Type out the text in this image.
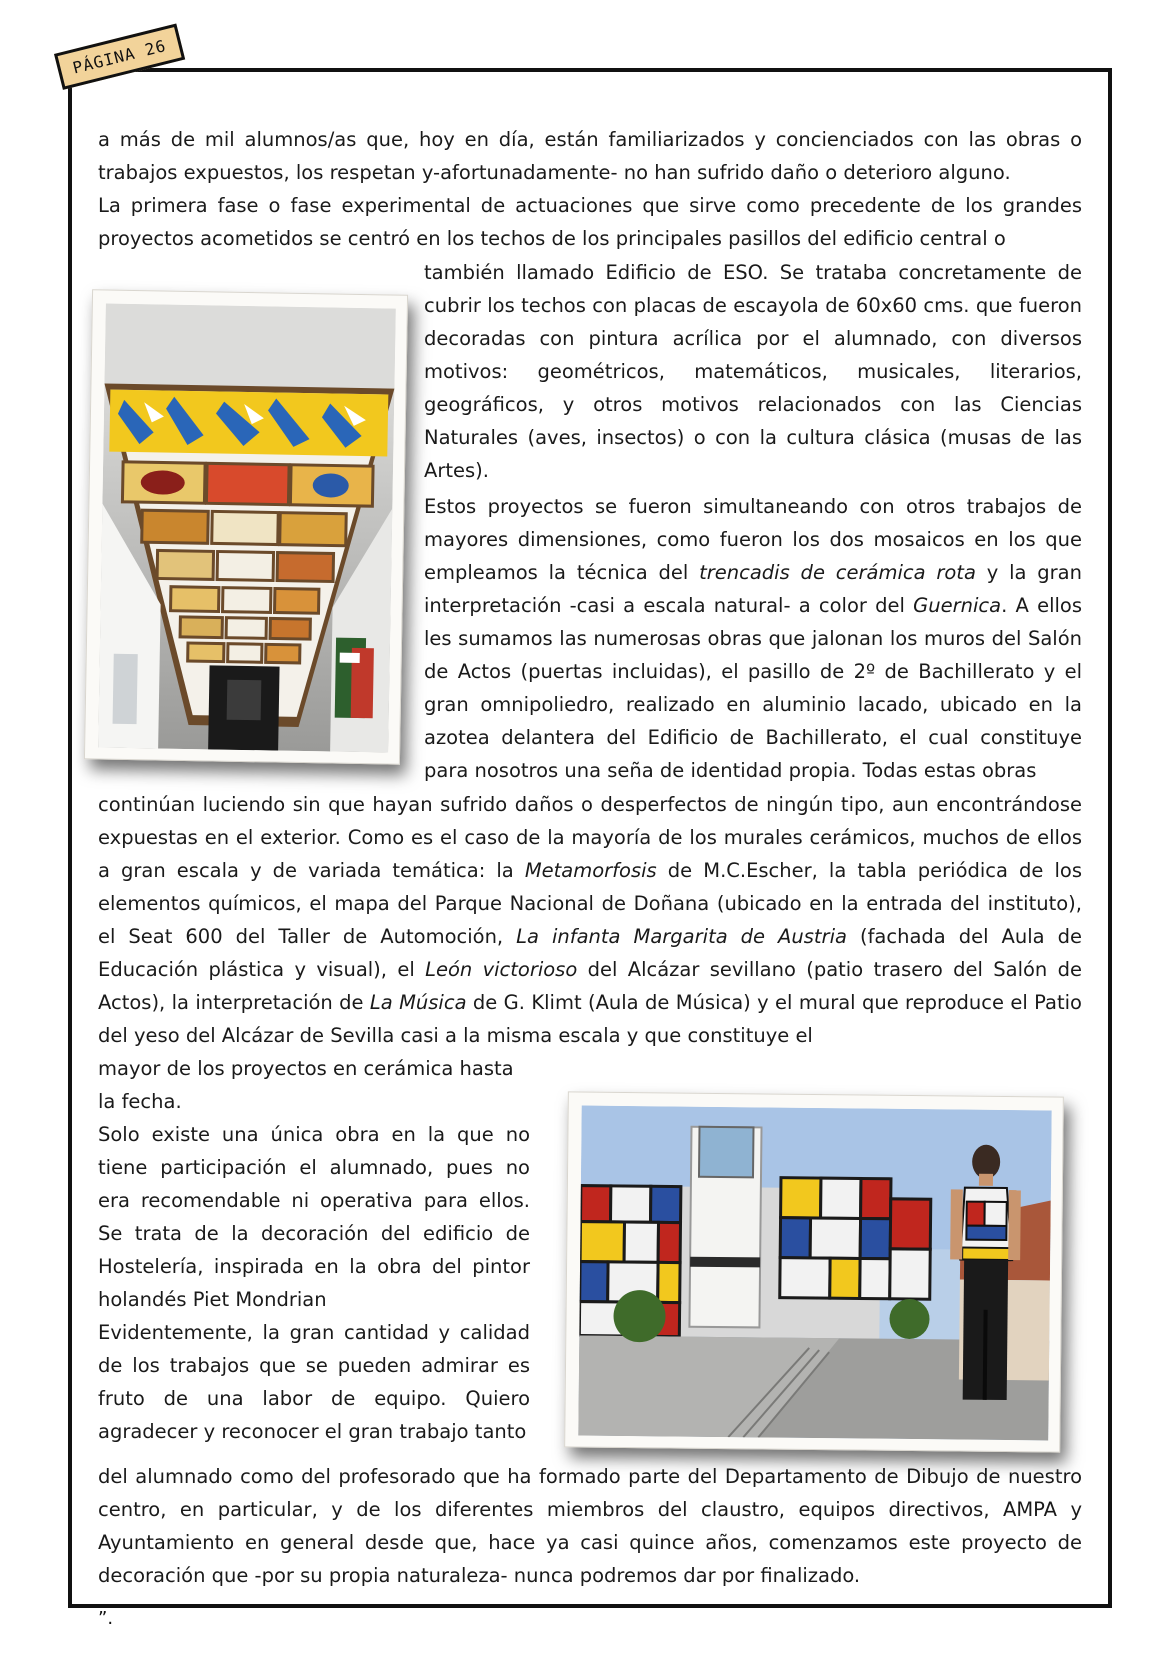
PÁGINA 26

a más de mil alumnos/as que, hoy en día, están familiarizados y concienciados con las obras o trabajos expuestos, los respetan y-afortunadamente- no han sufrido daño o deterioro alguno.

La primera fase o fase experimental de actuaciones que sirve como precedente de los grandes proyectos acometidos se centró en los techos de los principales pasillos del edificio central o

también llamado Edificio de ESO. Se trataba concretamente de cubrir los techos con placas de escayola de 60x60 cms. que fueron decoradas con pintura acrílica por el alumnado, con diversos motivos: geométricos, matemáticos, musicales, literarios, geográficos, y otros motivos relacionados con las Ciencias Naturales (aves, insectos) o con la cultura clásica (musas de las Artes).

Estos proyectos se fueron simultaneando con otros trabajos de mayores dimensiones, como fueron los dos mosaicos en los que empleamos la técnica del trencadis de cerámica rota y la gran interpretación -casi a escala natural- a color del Guernica. A ellos les sumamos las numerosas obras que jalonan los muros del Salón de Actos (puertas incluidas), el pasillo de 2º de Bachillerato y el gran omnipoliedro, realizado en aluminio lacado, ubicado en la azotea delantera del Edificio de Bachillerato, el cual constituye para nosotros una seña de identidad propia. Todas estas obras

continúan luciendo sin que hayan sufrido daños o desperfectos de ningún tipo, aun encontrándose expuestas en el exterior. Como es el caso de la mayoría de los murales cerámicos, muchos de ellos a gran escala y de variada temática: la Metamorfosis de M.C.Escher, la tabla periódica de los elementos químicos, el mapa del Parque Nacional de Doñana (ubicado en la entrada del instituto), el Seat 600 del Taller de Automoción, La infanta Margarita de Austria (fachada del Aula de Educación plástica y visual), el León victorioso del Alcázar sevillano (patio trasero del Salón de Actos), la interpretación de La Música de G. Klimt (Aula de Música) y el mural que reproduce el Patio del yeso del Alcázar de Sevilla casi a la misma escala y que constituye el

mayor de los proyectos en cerámica hasta la fecha.

Solo existe una única obra en la que no tiene participación el alumnado, pues no era recomendable ni operativa para ellos. Se trata de la decoración del edificio de Hostelería, inspirada en la obra del pintor holandés Piet Mondrian

Evidentemente, la gran cantidad y calidad de los trabajos que se pueden admirar es fruto de una labor de equipo. Quiero agradecer y reconocer el gran trabajo tanto

del alumnado como del profesorado que ha formado parte del Departamento de Dibujo de nuestro centro, en particular, y de los diferentes miembros del claustro, equipos directivos, AMPA y Ayuntamiento en general desde que, hace ya casi quince años, comenzamos este proyecto de decoración que -por su propia naturaleza- nunca podremos dar por finalizado.

”.
